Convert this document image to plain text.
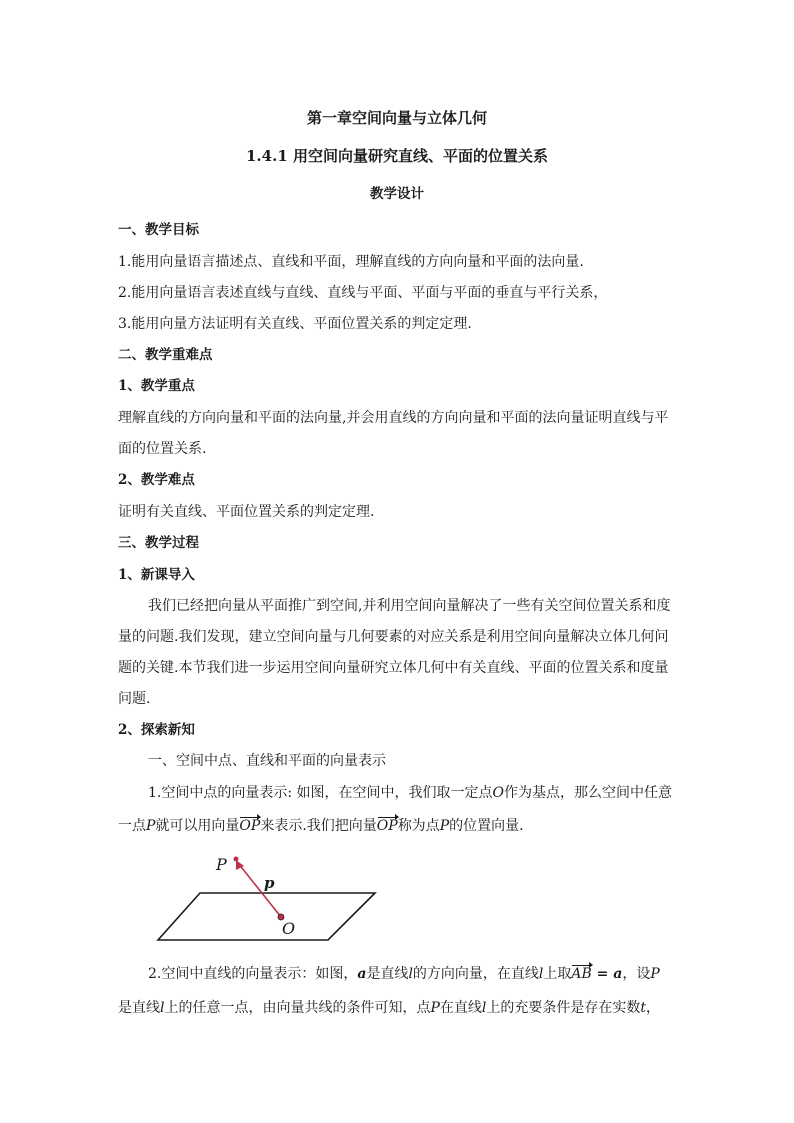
第一章空间向量与立体几何
1.4.1 用空间向量研究直线、平面的位置关系
教学设计
一、教学目标
1.能用向量语言描述点、直线和平面，理解直线的方向向量和平面的法向量.
2.能用向量语言表述直线与直线、直线与平面、平面与平面的垂直与平行关系，
3.能用向量方法证明有关直线、平面位置关系的判定定理.
二、教学重难点
1、教学重点
理解直线的方向向量和平面的法向量,并会用直线的方向向量和平面的法向量证明直线与平
面的位置关系.
2、教学难点
证明有关直线、平面位置关系的判定定理.
三、教学过程
1、新课导入
我们已经把向量从平面推广到空间,并利用空间向量解决了一些有关空间位置关系和度
量的问题.我们发现，建立空间向量与几何要素的对应关系是利用空间向量解决立体几何问
题的关键.本节我们进一步运用空间向量研究立体几何中有关直线、平面的位置关系和度量
问题.
2、探索新知
一、空间中点、直线和平面的向量表示
1.空间中点的向量表示: 如图，在空间中，我们取一定点O作为基点，那么空间中任意
一点P就可以用向量OP来表示.我们把向量OP称为点P的位置向量.
P
p
O
2.空间中直线的向量表示：如图，a是直线l的方向向量，在直线l上取AB = a，设P
是直线l上的任意一点，由向量共线的条件可知，点P在直线l上的充要条件是存在实数t，
